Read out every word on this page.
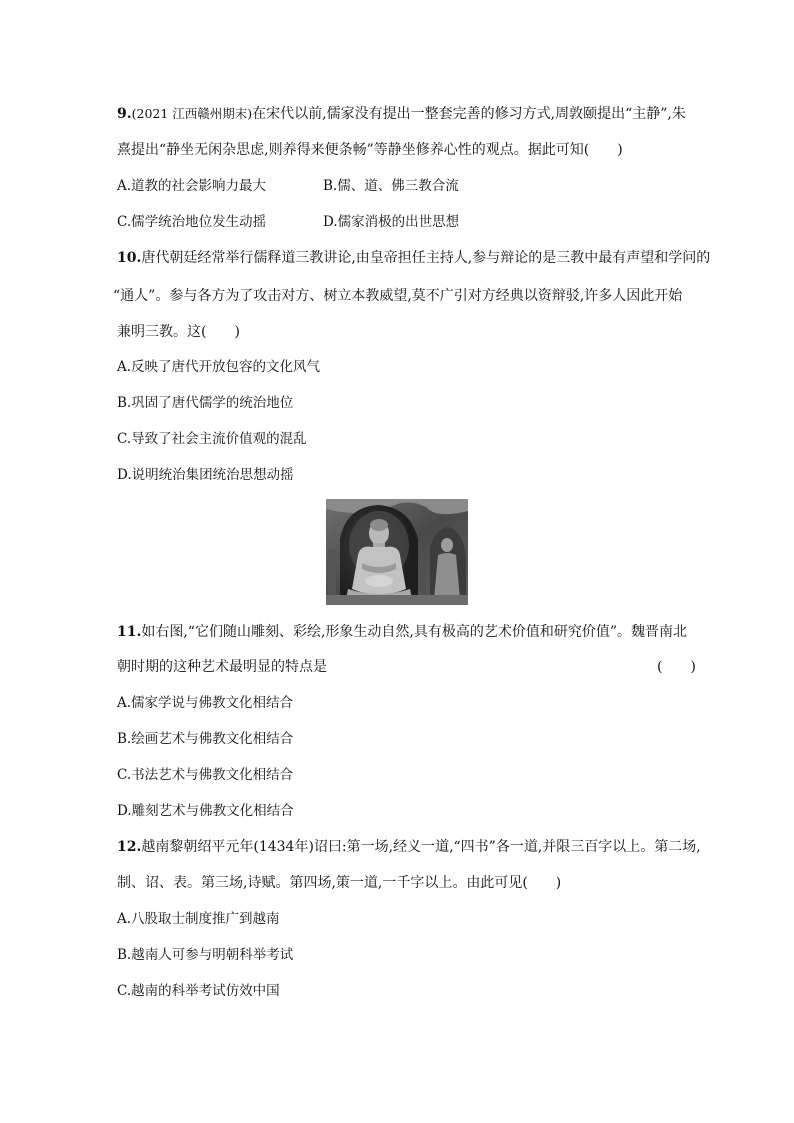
9.(2021 江西赣州期末)在宋代以前,儒家没有提出一整套完善的修习方式,周敦颐提出“主静”,朱
熹提出“静坐无闲杂思虑,则养得来便条畅”等静坐修养心性的观点。据此可知(　　)
A.道教的社会影响力最大	B.儒、道、佛三教合流
C.儒学统治地位发生动摇	D.儒家消极的出世思想
10.唐代朝廷经常举行儒释道三教讲论,由皇帝担任主持人,参与辩论的是三教中最有声望和学问的
“通人”。参与各方为了攻击对方、树立本教威望,莫不广引对方经典以资辩驳,许多人因此开始
兼明三教。这(　　)
A.反映了唐代开放包容的文化风气
B.巩固了唐代儒学的统治地位
C.导致了社会主流价值观的混乱
D.说明统治集团统治思想动摇
11.如右图,“它们随山雕刻、彩绘,形象生动自然,具有极高的艺术价值和研究价值”。魏晋南北
朝时期的这种艺术最明显的特点是	(　　)
A.儒家学说与佛教文化相结合
B.绘画艺术与佛教文化相结合
C.书法艺术与佛教文化相结合
D.雕刻艺术与佛教文化相结合
12.越南黎朝绍平元年(1434年)诏曰:第一场,经义一道,“四书”各一道,并限三百字以上。第二场,
制、诏、表。第三场,诗赋。第四场,策一道,一千字以上。由此可见(　　)
A.八股取士制度推广到越南
B.越南人可参与明朝科举考试
C.越南的科举考试仿效中国
